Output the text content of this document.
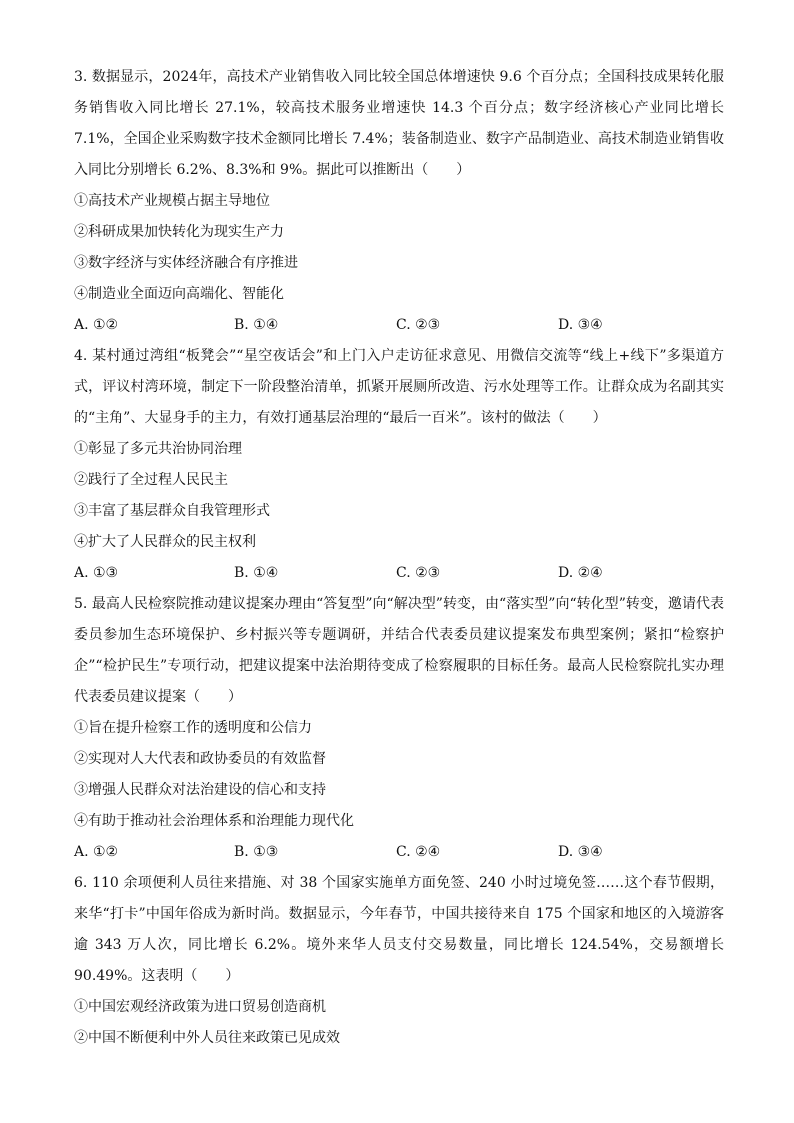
3. 数据显示，2024年，高技术产业销售收入同比较全国总体增速快 9.6 个百分点；全国科技成果转化服务销售收入同比增长 27.1%，较高技术服务业增速快 14.3 个百分点；数字经济核心产业同比增长 7.1%，全国企业采购数字技术金额同比增长 7.4%；装备制造业、数字产品制造业、高技术制造业销售收入同比分别增长 6.2%、8.3%和 9%。据此可以推断出（　　）
①高技术产业规模占据主导地位
②科研成果加快转化为现实生产力
③数字经济与实体经济融合有序推进
④制造业全面迈向高端化、智能化
A. ①②	B. ①④	C. ②③	D. ③④
4. 某村通过湾组“板凳会”“星空夜话会”和上门入户走访征求意见、用微信交流等“线上+线下”多渠道方式，评议村湾环境，制定下一阶段整治清单，抓紧开展厕所改造、污水处理等工作。让群众成为名副其实的“主角”、大显身手的主力，有效打通基层治理的“最后一百米”。该村的做法（　　）
①彰显了多元共治协同治理
②践行了全过程人民民主
③丰富了基层群众自我管理形式
④扩大了人民群众的民主权利
A. ①③	B. ①④	C. ②③	D. ②④
5. 最高人民检察院推动建议提案办理由“答复型”向“解决型”转变，由“落实型”向“转化型”转变，邀请代表委员参加生态环境保护、乡村振兴等专题调研，并结合代表委员建议提案发布典型案例；紧扣“检察护企”“检护民生”专项行动，把建议提案中法治期待变成了检察履职的目标任务。最高人民检察院扎实办理代表委员建议提案（　　）
①旨在提升检察工作的透明度和公信力
②实现对人大代表和政协委员的有效监督
③增强人民群众对法治建设的信心和支持
④有助于推动社会治理体系和治理能力现代化
A. ①②	B. ①③	C. ②④	D. ③④
6. 110 余项便利人员往来措施、对 38 个国家实施单方面免签、240 小时过境免签……这个春节假期，来华“打卡”中国年俗成为新时尚。数据显示，今年春节，中国共接待来自 175 个国家和地区的入境游客逾 343 万人次，同比增长 6.2%。境外来华人员支付交易数量，同比增长 124.54%，交易额增长 90.49%。这表明（　　）
①中国宏观经济政策为进口贸易创造商机
②中国不断便利中外人员往来政策已见成效
